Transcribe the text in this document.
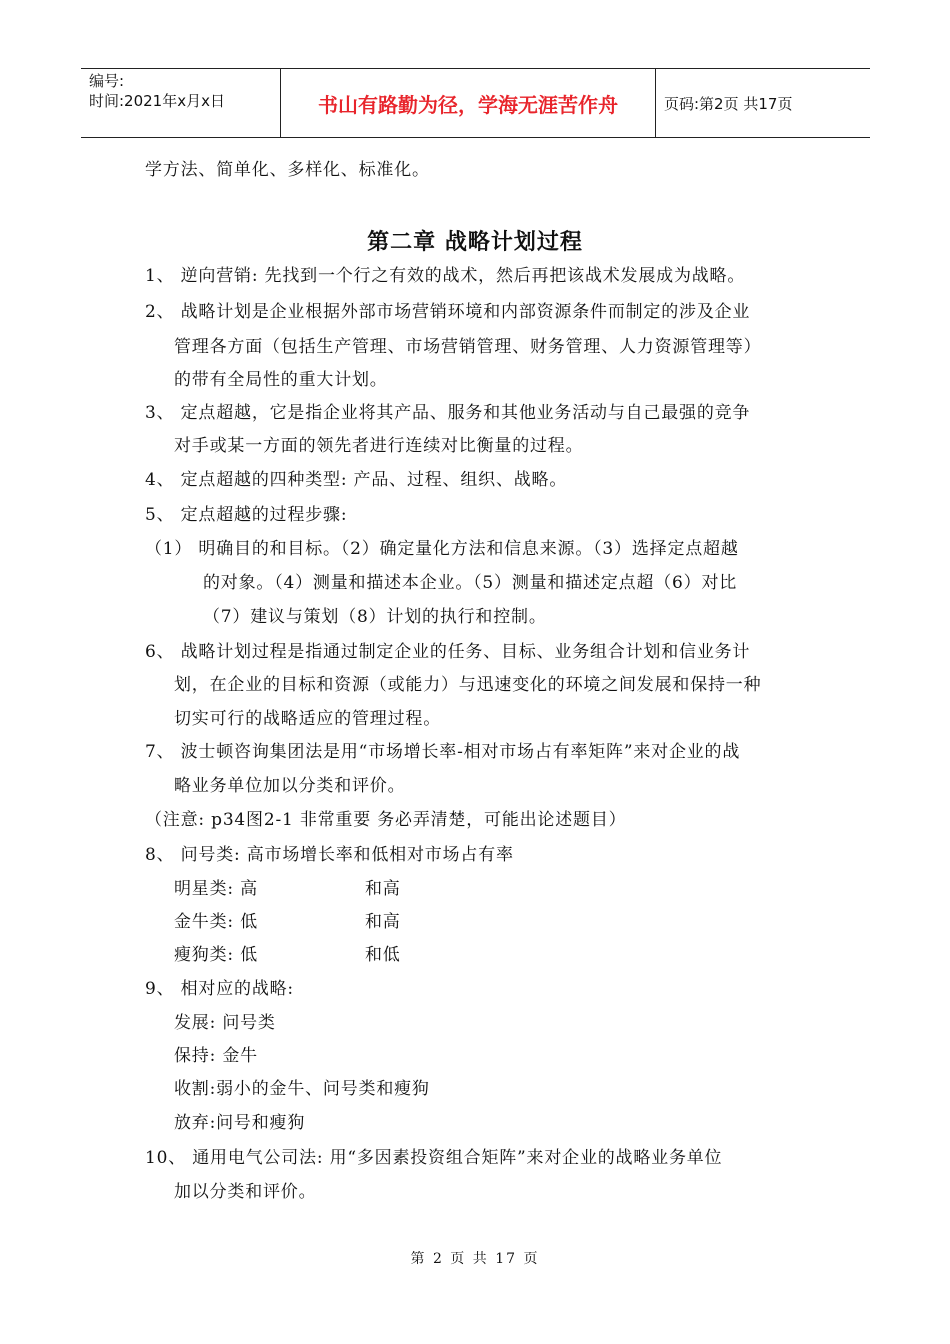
编号:
时间:2021年x月x日	书山有路勤为径，学海无涯苦作舟	页码:第2页 共17页
学方法、简单化、多样化、标准化。
第二章 战略计划过程
1、 逆向营销: 先找到一个行之有效的战术，然后再把该战术发展成为战略。
2、 战略计划是企业根据外部市场营销环境和内部资源条件而制定的涉及企业
管理各方面（包括生产管理、市场营销管理、财务管理、人力资源管理等）
的带有全局性的重大计划。
3、 定点超越，它是指企业将其产品、服务和其他业务活动与自己最强的竞争
对手或某一方面的领先者进行连续对比衡量的过程。
4、 定点超越的四种类型: 产品、过程、组织、战略。
5、 定点超越的过程步骤:
（1） 明确目的和目标。（2）确定量化方法和信息来源。（3）选择定点超越
的对象。（4）测量和描述本企业。（5）测量和描述定点超（6）对比
（7）建议与策划（8）计划的执行和控制。
6、 战略计划过程是指通过制定企业的任务、目标、业务组合计划和信业务计
划，在企业的目标和资源（或能力）与迅速变化的环境之间发展和保持一种
切实可行的战略适应的管理过程。
7、 波士顿咨询集团法是用“市场增长率-相对市场占有率矩阵”来对企业的战
略业务单位加以分类和评价。
（注意: p34图2-1 非常重要 务必弄清楚，可能出论述题目）
8、 问号类: 高市场增长率和低相对市场占有率
明星类: 高	和高
金牛类: 低	和高
瘦狗类: 低	和低
9、 相对应的战略:
发展: 问号类
保持: 金牛
收割:弱小的金牛、问号类和瘦狗
放弃:问号和瘦狗
10、 通用电气公司法: 用“多因素投资组合矩阵”来对企业的战略业务单位
加以分类和评价。
第 2 页 共 17 页
